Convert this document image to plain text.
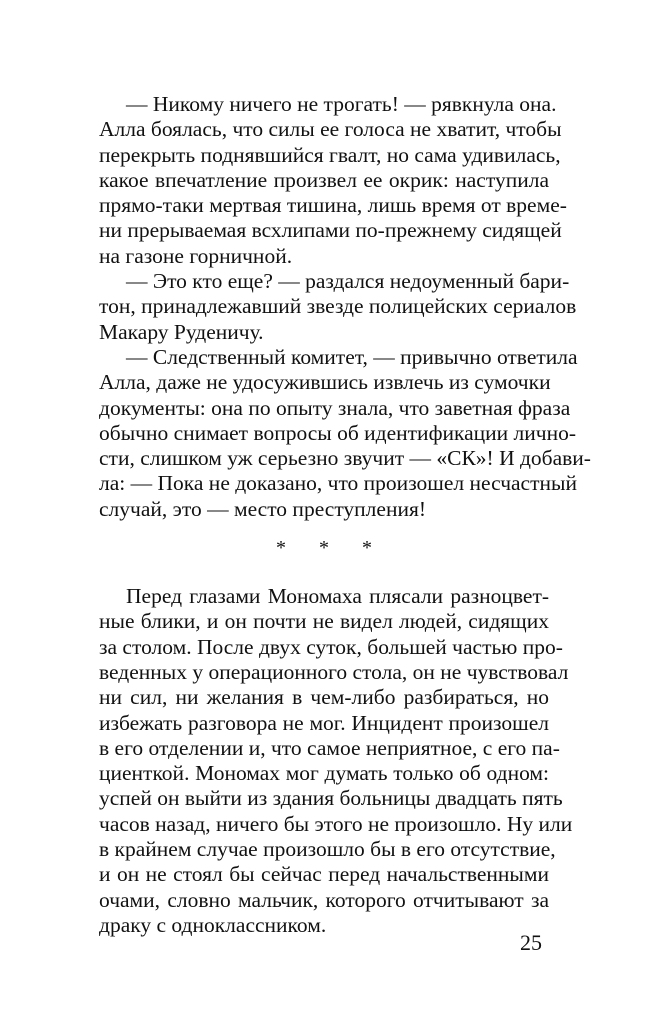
— Никому ничего не трогать! — рявкнула она.
Алла боялась, что силы ее голоса не хватит, чтобы
перекрыть поднявшийся гвалт, но сама удивилась,
какое впечатление произвел ее окрик: наступила
прямо-таки мертвая тишина, лишь время от време-
ни прерываемая всхлипами по-прежнему сидящей
на газоне горничной.

— Это кто еще? — раздался недоуменный бари-
тон, принадлежавший звезде полицейских сериалов
Макару Руденичу.

— Следственный комитет, — привычно ответила
Алла, даже не удосужившись извлечь из сумочки
документы: она по опыту знала, что заветная фраза
обычно снимает вопросы об идентификации лично-
сти, слишком уж серьезно звучит — «СК»! И добави-
ла: — Пока не доказано, что произошел несчастный
случай, это — место преступления!

* * *

Перед глазами Мономаха плясали разноцвет-
ные блики, и он почти не видел людей, сидящих
за столом. После двух суток, большей частью про-
веденных у операционного стола, он не чувствовал
ни сил, ни желания в чем-либо разбираться, но
избежать разговора не мог. Инцидент произошел
в его отделении и, что самое неприятное, с его па-
циенткой. Мономах мог думать только об одном:
успей он выйти из здания больницы двадцать пять
часов назад, ничего бы этого не произошло. Ну или
в крайнем случае произошло бы в его отсутствие,
и он не стоял бы сейчас перед начальственными
очами, словно мальчик, которого отчитывают за
драку с одноклассником.

25
